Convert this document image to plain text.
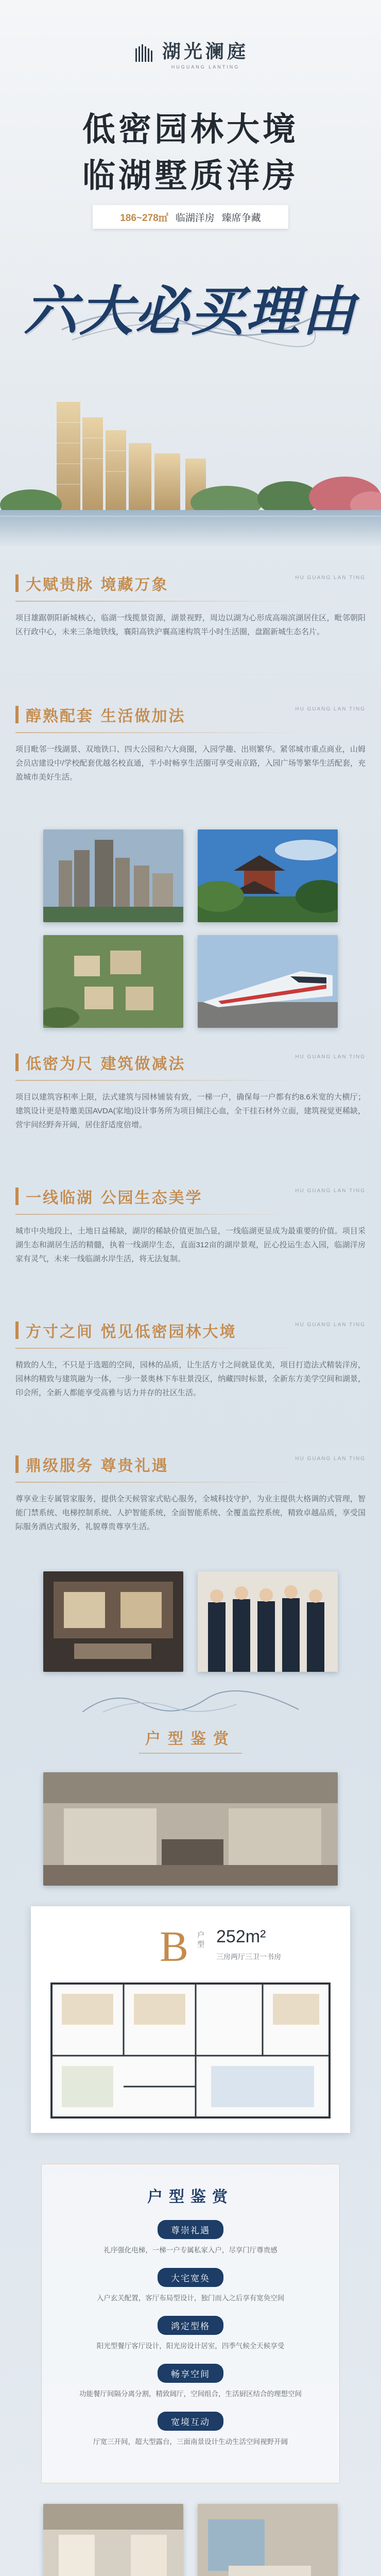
湖光澜庭
HUGUANG LANTING
低密园林大境
临湖墅质洋房
186~278㎡ 临湖洋房 臻席争藏
六大必买理由
大赋贵脉 境藏万象	HU GUANG LAN TING

项目雄踞朝阳新城核心，临湖一线揽景资源，湖景视野，周边以湖为心形成高端滨湖居住区，毗邻朝阳区行政中心，未来三条地铁线，襄阳高铁沪襄高速构筑半小时生活圈，盘踞新城生态名片。

醇熟配套 生活做加法	HU GUANG LAN TING

项目毗邻一线湖景、双地铁口、四大公园和六大商圈，入园学趣、出则繁华。紧邻城市重点商业，山姆会员店建设中/学校配套优越名校直通，半小时畅享生活圈可享受南京路，入园广场等繁华生活配套，充盈城市美好生活。

低密为尺 建筑做减法	HU GUANG LAN TING

项目以建筑容积率上限，法式建筑与园林铺装有致，一梯一户，确保每一户都有约8.6米宽的大横厅；建筑设计更是特邀美国AVDA(家地)设计事务所为项目倾注心血，全干挂石材外立面，建筑视觉更稀缺，营宇间经野奔开阔，居住舒适度倍增。

一线临湖 公园生态美学	HU GUANG LAN TING

城市中央地段上，土地日益稀缺，湖岸的稀缺价值更加凸显，一线临湖更显成为最重要的价值。项目采湖生态和湖居生活的精髓，执着一线湖岸生态，直面312亩的湖岸景观，匠心投运生态入园，临湖洋房家有灵气，未来一线临湖水岸生活，将无法复制。

方寸之间 悦见低密园林大境	HU GUANG LAN TING

精致的人生，不只是于选题的空间，园林的品质，让生活方寸之间就显优美，项目打造法式精装洋房，园林的精致与建筑融为一体，一步一景奥林下车驻景没区，纳藏四时标景，全新东方美学空间和湖景，印会所，全新人都能享受高雅与话力并存的社区生活。

鼎级服务 尊贵礼遇	HU GUANG LAN TING

尊享业主专属管家服务，提供全天候管家式贴心服务，全城科技守护，为业主提供大格调的式管理，智能门禁系统、电梯控制系统、人护智能系统，全面智能系统、全覆盖监控系统，精致卓越品质，享受国际服务酒店式服务，礼貌尊贵尊享生活。

户型鉴赏
B 户型 252m²
三房两厅三卫一书房
户型鉴赏
尊崇礼遇

礼序强化电梯，一梯一户专属私家入户，尽享门厅尊贵感

大宅宽奂

入户玄关配置，客厅布局型设计，独门而入之后享有宽奂空间

鸿定型格

阳光型餐厅客厅设计，阳光房设计居室，四季气候全天候享受

畅享空间

功能餐厅间隔分离分割，精致阔厅，空间组合，生活厨区结合的理想空间

宽境互动

厅宽三开间，超大型露台，三面南景设计生动生活空间视野开阔
